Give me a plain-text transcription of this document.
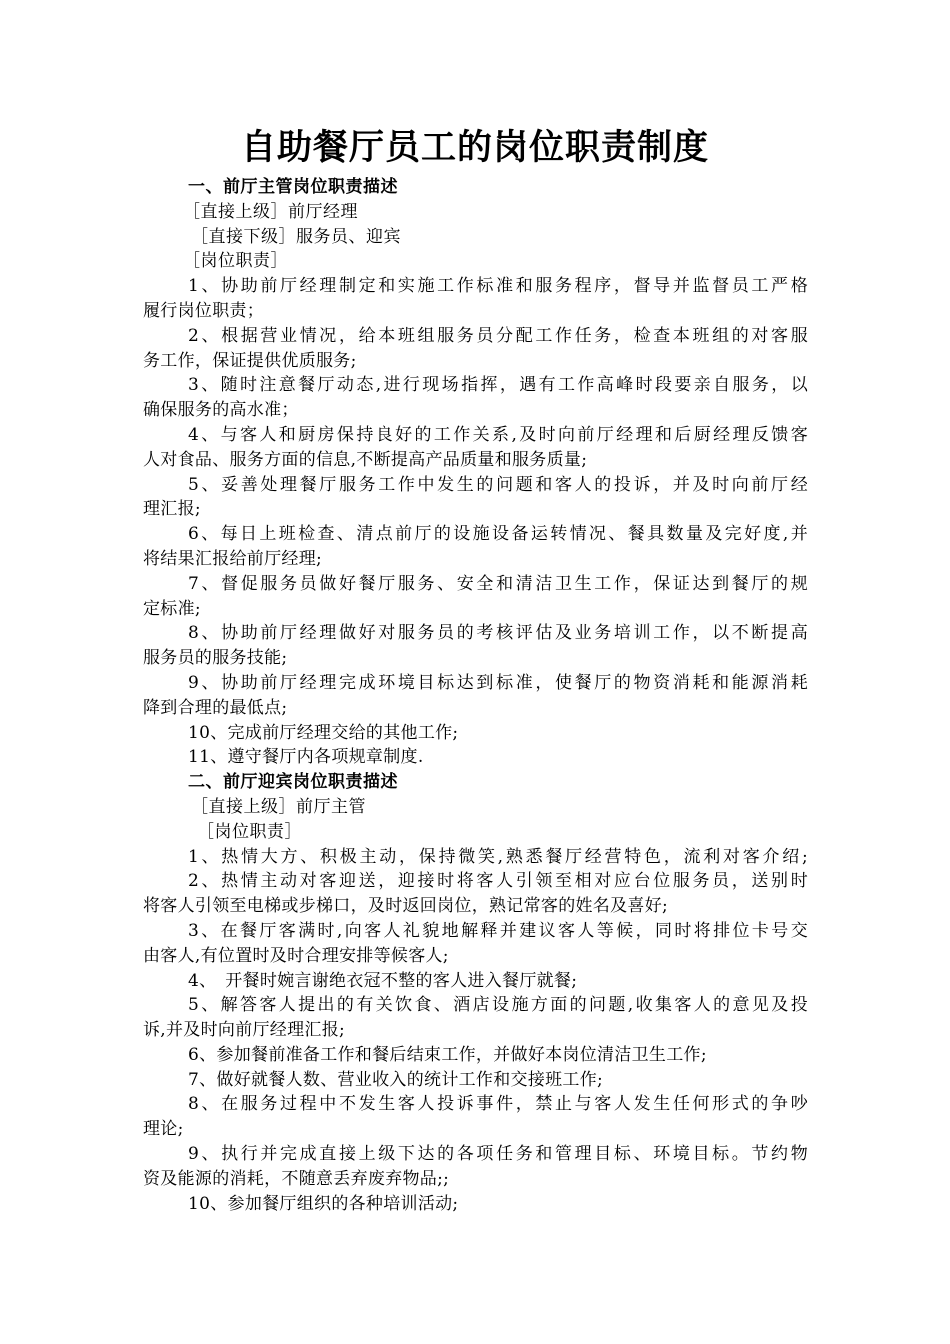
自助餐厅员工的岗位职责制度

一、前厅主管岗位职责描述

［直接上级］前厅经理

［直接下级］服务员、迎宾

［岗位职责］

1、协助前厅经理制定和实施工作标准和服务程序，督导并监督员工严格

履行岗位职责；

2、根据营业情况，给本班组服务员分配工作任务，检查本班组的对客服

务工作，保证提供优质服务;

3、随时注意餐厅动态,进行现场指挥，遇有工作高峰时段要亲自服务，以

确保服务的高水准；

4、与客人和厨房保持良好的工作关系,及时向前厅经理和后厨经理反馈客

人对食品、服务方面的信息,不断提高产品质量和服务质量;

5、妥善处理餐厅服务工作中发生的问题和客人的投诉，并及时向前厅经

理汇报;

6、每日上班检查、清点前厅的设施设备运转情况、餐具数量及完好度,并

将结果汇报给前厅经理;

7、督促服务员做好餐厅服务、安全和清洁卫生工作，保证达到餐厅的规

定标准;

8、协助前厅经理做好对服务员的考核评估及业务培训工作，以不断提高

服务员的服务技能;

9、协助前厅经理完成环境目标达到标准，使餐厅的物资消耗和能源消耗

降到合理的最低点;

10、完成前厅经理交给的其他工作;

11、遵守餐厅内各项规章制度.

二、前厅迎宾岗位职责描述

［直接上级］前厅主管

［岗位职责］

1、热情大方、积极主动，保持微笑,熟悉餐厅经营特色，流利对客介绍;

2、热情主动对客迎送，迎接时将客人引领至相对应台位服务员，送别时

将客人引领至电梯或步梯口，及时返回岗位，熟记常客的姓名及喜好;

3、在餐厅客满时,向客人礼貌地解释并建议客人等候，同时将排位卡号交

由客人,有位置时及时合理安排等候客人;

4、　开餐时婉言谢绝衣冠不整的客人进入餐厅就餐;

5、解答客人提出的有关饮食、酒店设施方面的问题,收集客人的意见及投

诉,并及时向前厅经理汇报;

6、参加餐前准备工作和餐后结束工作，并做好本岗位清洁卫生工作;

7、做好就餐人数、营业收入的统计工作和交接班工作;

8、在服务过程中不发生客人投诉事件，禁止与客人发生任何形式的争吵

理论;

9、执行并完成直接上级下达的各项任务和管理目标、环境目标。节约物

资及能源的消耗，不随意丢弃废弃物品;;

10、参加餐厅组织的各种培训活动;
